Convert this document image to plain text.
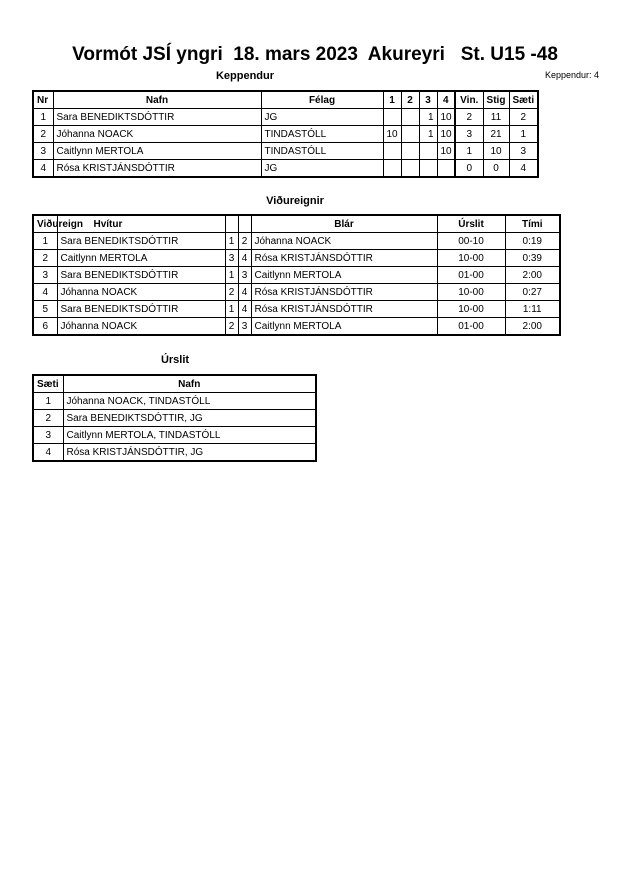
Vormót JSÍ yngri  18. mars 2023  Akureyri   St. U15 -48
Keppendur	Keppendur: 4
Nr	Nafn	Félag	1	2	3	4	Vin.	Stig	Sæti
1	Sara BENEDIKTSDÓTTIR	JG			1	10	2	11	2
2	Jóhanna NOACK	TINDASTÓLL	10		1	10	3	21	1
3	Caitlynn MERTOLA	TINDASTÓLL				10	1	10	3
4	Rósa KRISTJÁNSDÓTTIR	JG					0	0	4
Viðureignir
Viðureign	Hvítur			Blár	Úrslit	Tími
1	Sara BENEDIKTSDÓTTIR	1	2	Jóhanna NOACK	00-10	0:19
2	Caitlynn MERTOLA	3	4	Rósa KRISTJÁNSDÓTTIR	10-00	0:39
3	Sara BENEDIKTSDÓTTIR	1	3	Caitlynn MERTOLA	01-00	2:00
4	Jóhanna NOACK	2	4	Rósa KRISTJÁNSDÓTTIR	10-00	0:27
5	Sara BENEDIKTSDÓTTIR	1	4	Rósa KRISTJÁNSDÓTTIR	10-00	1:11
6	Jóhanna NOACK	2	3	Caitlynn MERTOLA	01-00	2:00
Úrslit
Sæti	Nafn
1	Jóhanna NOACK, TINDASTÓLL
2	Sara BENEDIKTSDÓTTIR, JG
3	Caitlynn MERTOLA, TINDASTÓLL
4	Rósa KRISTJÁNSDÓTTIR, JG
